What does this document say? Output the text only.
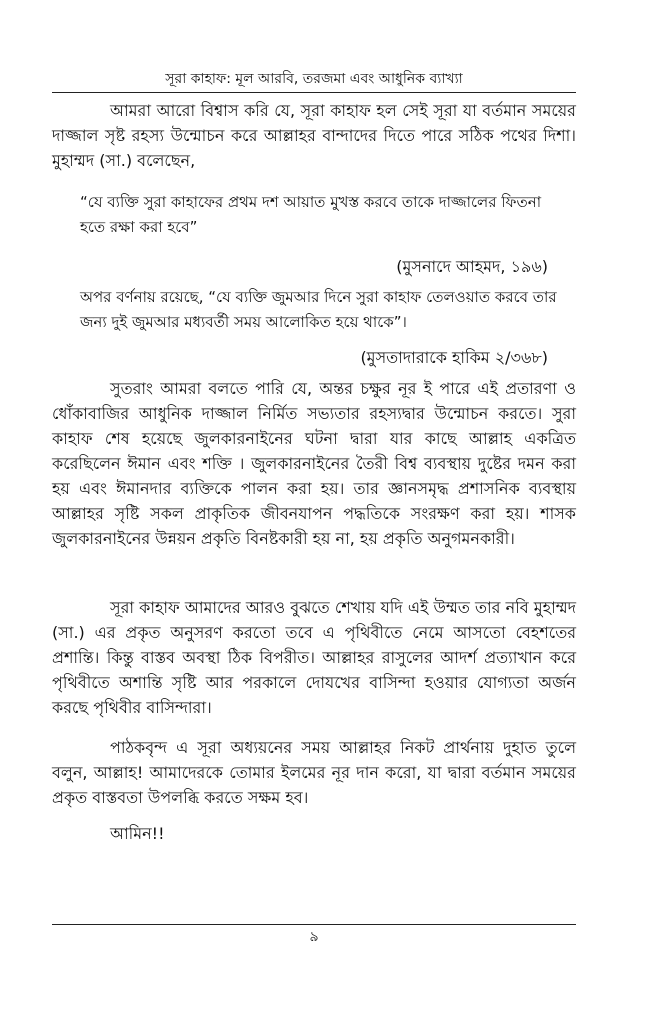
সূরা কাহাফ: মূল আরবি, তরজমা এবং আধুনিক ব্যাখ্যা
আমরা আরো বিশ্বাস করি যে, সূরা কাহাফ হল সেই সূরা যা বর্তমান সময়ের দাজ্জাল সৃষ্ট রহস্য উন্মোচন করে আল্লাহর বান্দাদের দিতে পারে সঠিক পথের দিশা। মুহাম্মদ (সা.) বলেছেন,
“যে ব্যক্তি সুরা কাহাফের প্রথম দশ আয়াত মুখস্ত করবে তাকে দাজ্জালের ফিতনা হতে রক্ষা করা হবে”
(মুসনাদে আহমদ, ১৯৬)
অপর বর্ণনায় রয়েছে, “যে ব্যক্তি জুমআর দিনে সুরা কাহাফ তেলওয়াত করবে তার জন্য দুই জুমআর মধ্যবর্তী সময় আলোকিত হয়ে থাকে”।
(মুসতাদারাকে হাকিম ২/৩৬৮)
সুতরাং আমরা বলতে পারি যে, অন্তর চক্ষুর নূর ই পারে এই প্রতারণা ও ধোঁকাবাজির আধুনিক দাজ্জাল নির্মিত সভ্যতার রহস্যদ্বার উন্মোচন করতে। সুরা কাহাফ শেষ হয়েছে জুলকারনাইনের ঘটনা দ্বারা যার কাছে আল্লাহ একত্রিত করেছিলেন ঈমান এবং শক্তি । জুলকারনাইনের তৈরী বিশ্ব ব্যবস্থায় দুষ্টের দমন করা হয় এবং ঈমানদার ব্যক্তিকে পালন করা হয়। তার জ্ঞানসমৃদ্ধ প্রশাসনিক ব্যবস্থায় আল্লাহর সৃষ্টি সকল প্রাকৃতিক জীবনযাপন পদ্ধতিকে সংরক্ষণ করা হয়। শাসক জুলকারনাইনের উন্নয়ন প্রকৃতি বিনষ্টকারী হয় না, হয় প্রকৃতি অনুগমনকারী।
সূরা কাহাফ আমাদের আরও বুঝতে শেখায় যদি এই উম্মত তার নবি মুহাম্মদ (সা.) এর প্রকৃত অনুসরণ করতো তবে এ পৃথিবীতে নেমে আসতো বেহশতের প্রশান্তি। কিন্তু বাস্তব অবস্থা ঠিক বিপরীত। আল্লাহর রাসুলের আদর্শ প্রত্যাখান করে পৃথিবীতে অশান্তি সৃষ্টি আর পরকালে দোযখের বাসিন্দা হওয়ার যোগ্যতা অর্জন করছে পৃথিবীর বাসিন্দারা।
পাঠকবৃন্দ এ সূরা অধ্যয়নের সময় আল্লাহর নিকট প্রার্থনায় দুহাত তুলে বলুন, আল্লাহ! আমাদেরকে তোমার ইলমের নূর দান করো, যা দ্বারা বর্তমান সময়ের প্রকৃত বাস্তবতা উপলব্ধি করতে সক্ষম হব।
আমিন!!
৯
